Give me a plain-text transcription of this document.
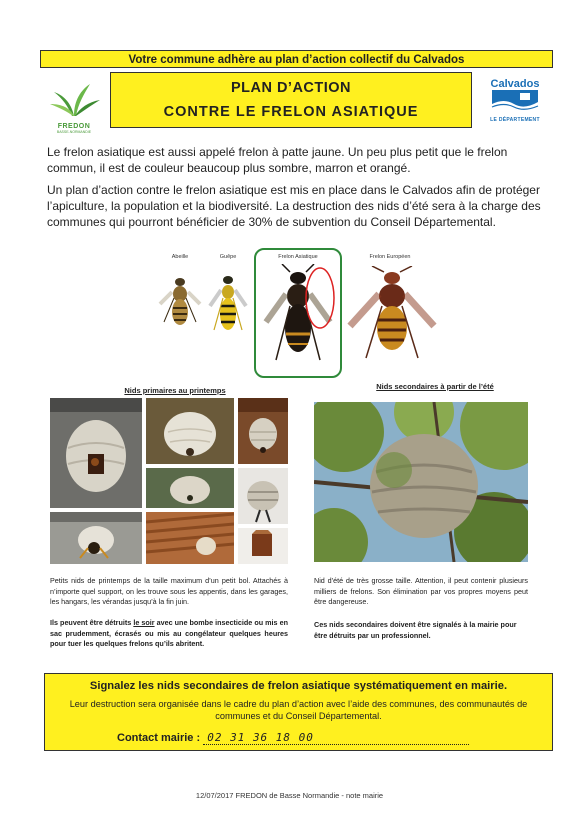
Votre commune adhère au plan d’action collectif du Calvados
FREDON
BASSE-NORMANDIE
PLAN D’ACTION
CONTRE LE FRELON ASIATIQUE
Calvados
LE DÉPARTEMENT
Le frelon asiatique est aussi appelé frelon à patte jaune. Un peu plus petit que le frelon commun, il est de couleur beaucoup plus sombre, marron et orangé.
Un plan d’action contre le frelon asiatique est mis en place dans le Calvados afin de protéger l’apiculture, la population et la biodiversité. La destruction des nids d’été sera à la charge des communes qui pourront bénéficier de 30% de subvention du Conseil Départemental.
Abeille	Guêpe	Frelon Asiatique	Frelon Européen
Nids primaires au printemps	Nids secondaires à partir de l’été
Petits nids de printemps de la taille maximum d’un petit bol. Attachés à n’importe quel support, on les trouve sous les appentis, dans les garages, les hangars, les vérandas jusqu’à la fin juin.
Ils peuvent être détruits le soir avec une bombe insecticide ou mis en sac prudemment, écrasés ou mis au congélateur quelques heures pour tuer les quelques frelons qu’ils abritent.
Nid d’été de très grosse taille. Attention, il peut contenir plusieurs milliers de frelons. Son élimination par vos propres moyens peut être dangereuse.
Ces nids secondaires doivent être signalés à la mairie pour être détruits par un professionnel.
Signalez les nids secondaires de frelon asiatique systématiquement en mairie.
Leur destruction sera organisée dans le cadre du plan d’action avec l’aide des communes, des communautés de communes et du Conseil Départemental.
Contact mairie : 02 31 36 18 00
12/07/2017 FREDON de Basse Normandie - note mairie
